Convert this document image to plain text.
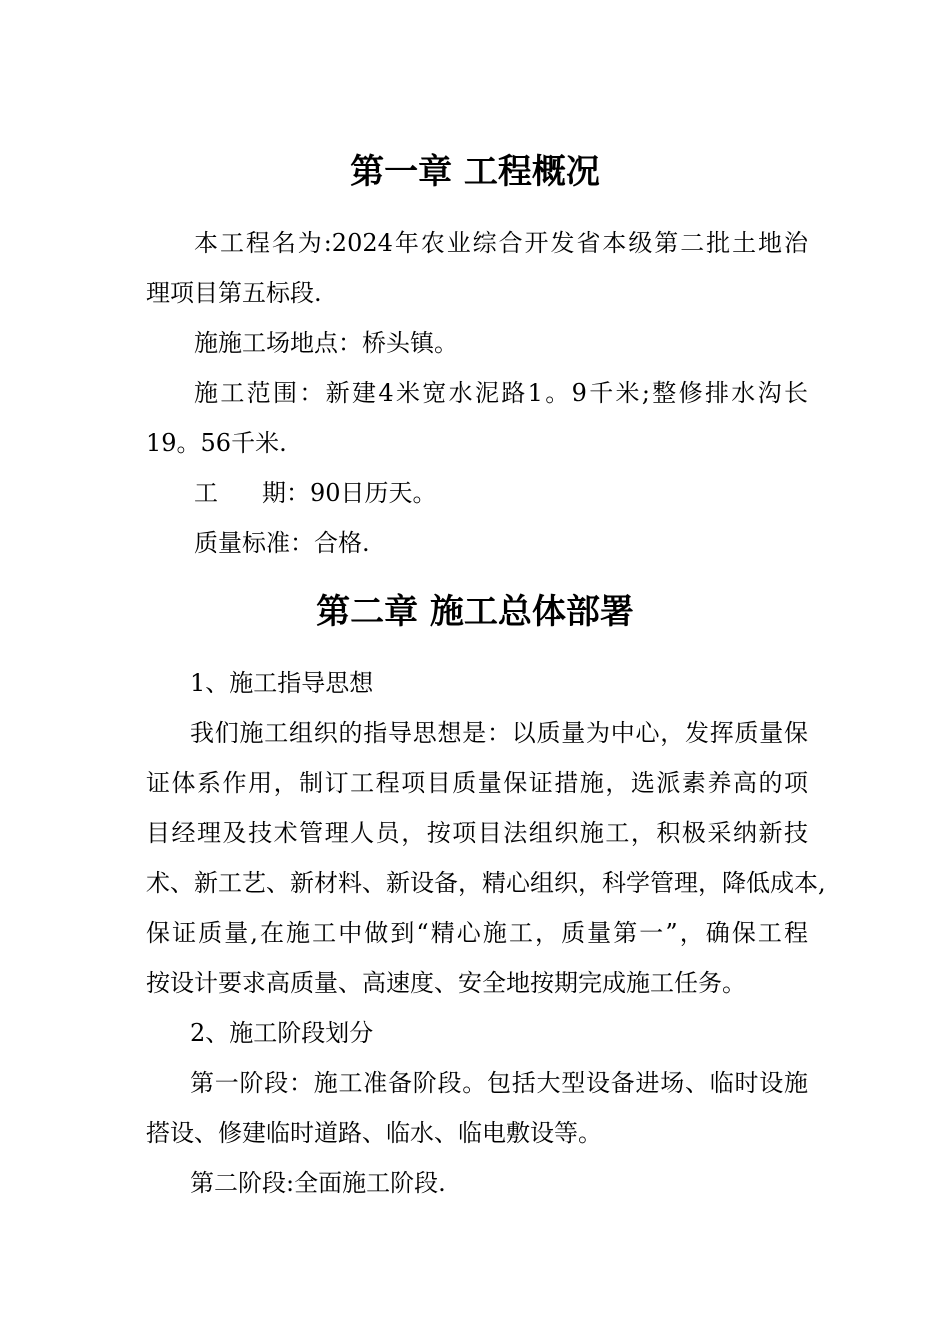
第一章 工程概况

本工程名为:2024年农业综合开发省本级第二批土地治

理项目第五标段.

施施工场地点：桥头镇。

施工范围：新建4米宽水泥路1。9千米;整修排水沟长

19。56千米.

工 期：90日历天。

质量标准：合格.

第二章 施工总体部署

1、施工指导思想

我们施工组织的指导思想是：以质量为中心，发挥质量保

证体系作用，制订工程项目质量保证措施，选派素养高的项

目经理及技术管理人员，按项目法组织施工，积极采纳新技

术、新工艺、新材料、新设备，精心组织，科学管理，降低成本,

保证质量,在施工中做到“精心施工，质量第一”，确保工程

按设计要求高质量、高速度、安全地按期完成施工任务。

2、施工阶段划分

第一阶段：施工准备阶段。包括大型设备进场、临时设施

搭设、修建临时道路、临水、临电敷设等。

第二阶段:全面施工阶段.
